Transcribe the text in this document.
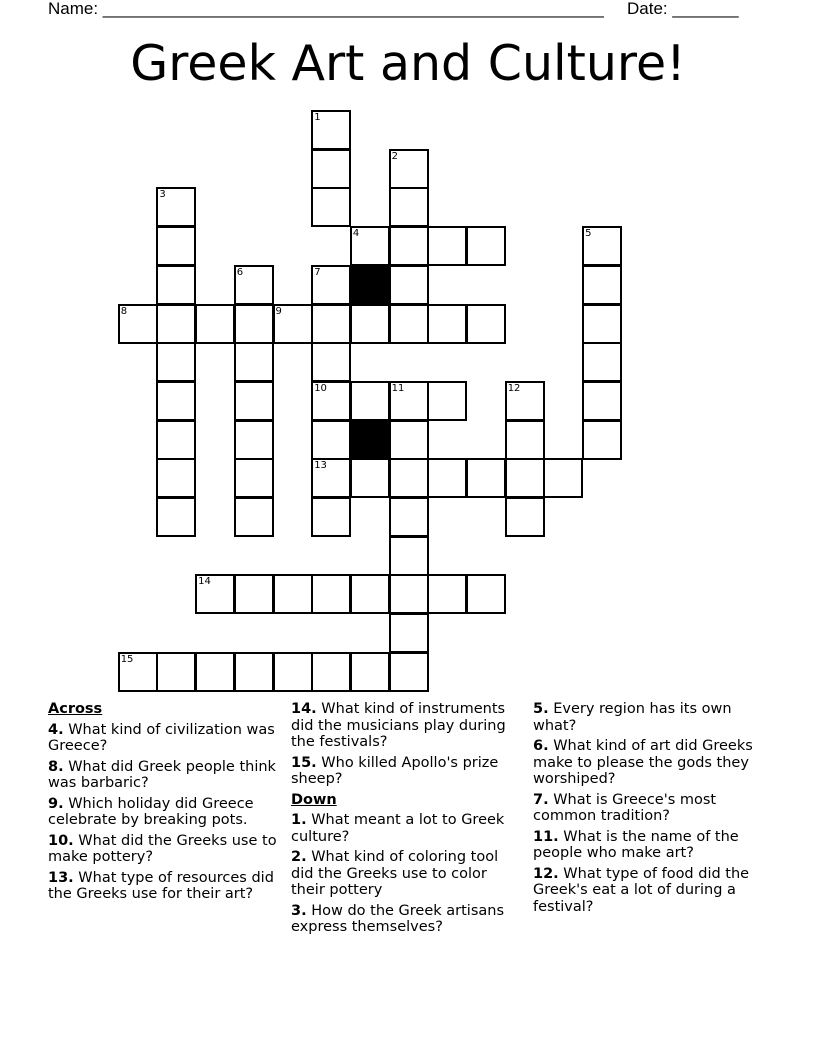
Name: _____________________________________________________ Date: _______
Greek Art and Culture!
1
2
3
4	5
6	7
8	9
10	11	12
13
14
15
Across
4. What kind of civilization was Greece?
8. What did Greek people think was barbaric?
9. Which holiday did Greece celebrate by breaking pots.
10. What did the Greeks use to make pottery?
13. What type of resources did the Greeks use for their art?
14. What kind of instruments did the musicians play during the festivals?
15. Who killed Apollo's prize sheep?
Down
1. What meant a lot to Greek culture?
2. What kind of coloring tool did the Greeks use to color their pottery
3. How do the Greek artisans express themselves?
5. Every region has its own what?
6. What kind of art did Greeks make to please the gods they worshiped?
7. What is Greece's most common tradition?
11. What is the name of the people who make art?
12. What type of food did the Greek's eat a lot of during a festival?
